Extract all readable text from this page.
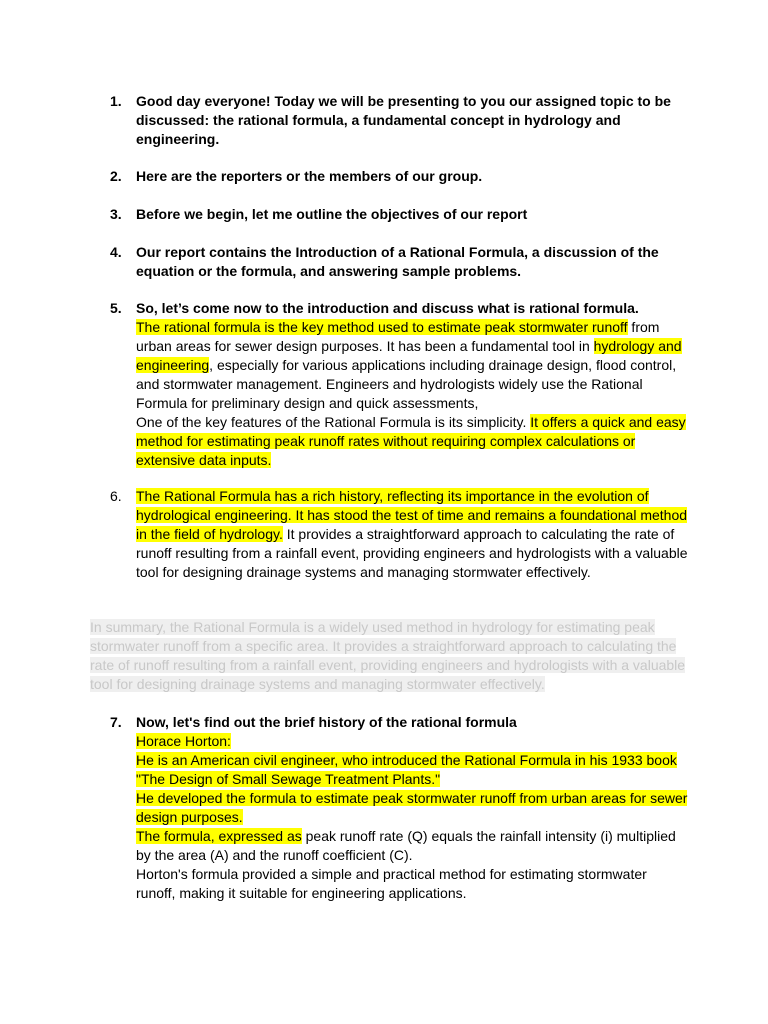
1.	Good day everyone! Today we will be presenting to you our assigned topic to be discussed: the rational formula, a fundamental concept in hydrology and engineering.
2.	Here are the reporters or the members of our group.
3.	Before we begin, let me outline the objectives of our report
4.	Our report contains the Introduction of a Rational Formula, a discussion of the equation or the formula, and answering sample problems.
5.	So, let’s come now to the introduction and discuss what is rational formula.
The rational formula is the key method used to estimate peak stormwater runoff from urban areas for sewer design purposes. It has been a fundamental tool in hydrology and engineering, especially for various applications including drainage design, flood control, and stormwater management. Engineers and hydrologists widely use the Rational Formula for preliminary design and quick assessments,
One of the key features of the Rational Formula is its simplicity. It offers a quick and easy method for estimating peak runoff rates without requiring complex calculations or extensive data inputs.
6.	The Rational Formula has a rich history, reflecting its importance in the evolution of hydrological engineering. It has stood the test of time and remains a foundational method in the field of hydrology. It provides a straightforward approach to calculating the rate of runoff resulting from a rainfall event, providing engineers and hydrologists with a valuable tool for designing drainage systems and managing stormwater effectively.
In summary, the Rational Formula is a widely used method in hydrology for estimating peak stormwater runoff from a specific area. It provides a straightforward approach to calculating the rate of runoff resulting from a rainfall event, providing engineers and hydrologists with a valuable tool for designing drainage systems and managing stormwater effectively.
7.	Now, let's find out the brief history of the rational formula
Horace Horton:
He is an American civil engineer, who introduced the Rational Formula in his 1933 book "The Design of Small Sewage Treatment Plants."
He developed the formula to estimate peak stormwater runoff from urban areas for sewer design purposes.
The formula, expressed as peak runoff rate (Q) equals the rainfall intensity (i) multiplied by the area (A) and the runoff coefficient (C).
Horton's formula provided a simple and practical method for estimating stormwater runoff, making it suitable for engineering applications.
